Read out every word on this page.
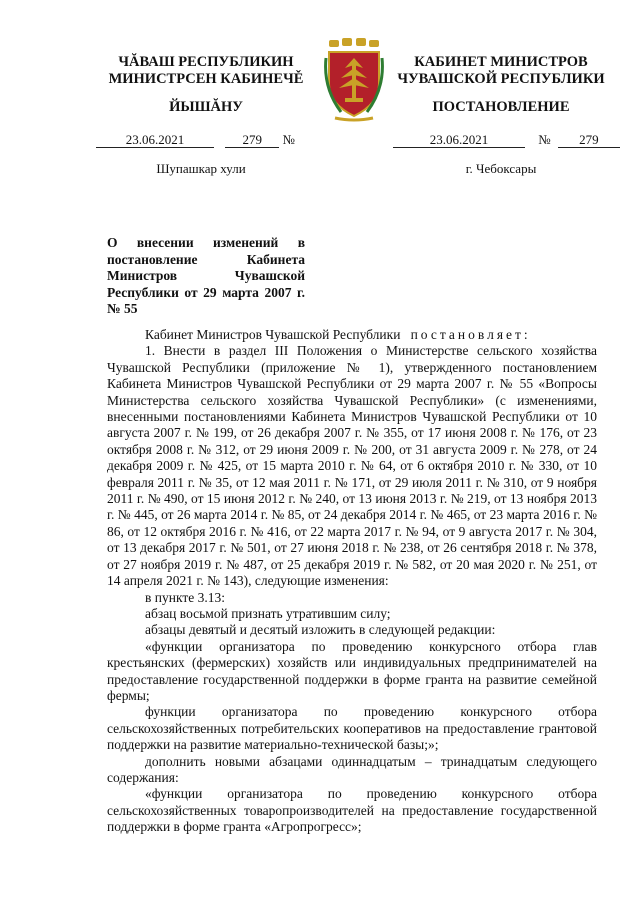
ЧĂВАШ РЕСПУБЛИКИН
МИНИСТРСЕН КАБИНЕЧĚ
ЙЫШĂНУ
КАБИНЕТ МИНИСТРОВ
ЧУВАШСКОЙ РЕСПУБЛИКИ
ПОСТАНОВЛЕНИЕ
23.06.2021	279 №	23.06.2021	№ 279
Шупашкар хули	г. Чебоксары
О внесении изменений в постановление Кабинета Министров Чувашской Республики от 29 марта 2007 г. № 55

Кабинет Министров Чувашской Республики постановляет:

1. Внести в раздел III Положения о Министерстве сельского хозяйства Чувашской Республики (приложение № 1), утвержденного постановлением Кабинета Министров Чувашской Республики от 29 марта 2007 г. № 55 «Вопросы Министерства сельского хозяйства Чувашской Республики» (с изменениями, внесенными постановлениями Кабинета Министров Чувашской Республики от 10 августа 2007 г. № 199, от 26 декабря 2007 г. № 355, от 17 июня 2008 г. № 176, от 23 октября 2008 г. № 312, от 29 июня 2009 г. № 200, от 31 августа 2009 г. № 278, от 24 декабря 2009 г. № 425, от 15 марта 2010 г. № 64, от 6 октября 2010 г. № 330, от 10 февраля 2011 г. № 35, от 12 мая 2011 г. № 171, от 29 июля 2011 г. № 310, от 9 ноября 2011 г. № 490, от 15 июня 2012 г. № 240, от 13 июня 2013 г. № 219, от 13 ноября 2013 г. № 445, от 26 марта 2014 г. № 85, от 24 декабря 2014 г. № 465, от 23 марта 2016 г. № 86, от 12 октября 2016 г. № 416, от 22 марта 2017 г. № 94, от 9 августа 2017 г. № 304, от 13 декабря 2017 г. № 501, от 27 июня 2018 г. № 238, от 26 сентября 2018 г. № 378, от 27 ноября 2019 г. № 487, от 25 декабря 2019 г. № 582, от 20 мая 2020 г. № 251, от 14 апреля 2021 г. № 143), следующие изменения:

в пункте 3.13:

абзац восьмой признать утратившим силу;

абзацы девятый и десятый изложить в следующей редакции:

«функции организатора по проведению конкурсного отбора глав крестьянских (фермерских) хозяйств или индивидуальных предпринимателей на предоставление государственной поддержки в форме гранта на развитие семейной фермы;

функции организатора по проведению конкурсного отбора сельскохозяйственных потребительских кооперативов на предоставление грантовой поддержки на развитие материально-технической базы;»;

дополнить новыми абзацами одиннадцатым – тринадцатым следующего содержания:

«функции организатора по проведению конкурсного отбора сельскохозяйственных товаропроизводителей на предоставление государственной поддержки в форме гранта «Агропрогресс»;
